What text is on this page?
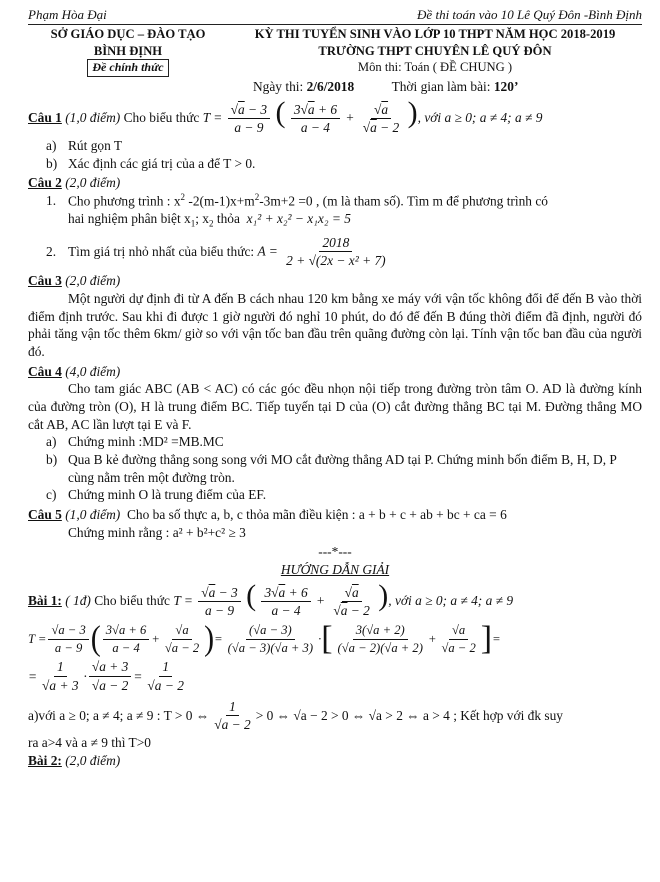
Phạm Hòa Đại	Đề thi toán vào 10 Lê Quý Đôn -Bình Định
SỞ GIÁO DỤC – ĐÀO TẠO
BÌNH ĐỊNH
Đề chính thức
KỲ THI TUYỂN SINH VÀO LỚP 10 THPT NĂM HỌC 2018-2019
TRƯỜNG THPT CHUYÊN LÊ QUÝ ĐÔN
Môn thi: Toán ( ĐỀ CHUNG )
Ngày thi: 2/6/2018	Thời gian làm bài: 120’
Câu 1
(1,0 điểm)
Cho biểu thức
$T = \frac{√a - 3}{a - 9}$ ( $\frac{3√a + 6}{a - 4} + \frac{√a}{√a - 2}$ ) , với a ≥ 0; a ≠ 4; a ≠ 9
a) Rút gọn T
b) Xác định các giá trị của a để T > 0.
Câu 2 (2,0 điểm)
1. Cho phương trình : $x^2$ $-2(m-1)x+m^2-3m+2 =0$ , (m là tham số). Tìm m để phương trình có
hai nghiệm phân biệt $x_1$; $x_2$ thỏa x₁² + x₂² − x₁x₂ = 5
2. Tìm giá trị nhỏ nhất của biểu thức:
$A = \frac{2018}{\text{2 + √(2x − x² + 7)}}$
Câu 3 (2,0 điểm)

Một người dự định đi từ A đến B cách nhau 120 km bằng xe máy với vận tốc không đổi để đến B vào thời điểm định trước. Sau khi đi được 1 giờ người đó nghỉ 10 phút, do đó để đến B đúng thời điểm đã định, người đó phải tăng vận tốc thêm 6km/ giờ so với vận tốc ban đầu trên quãng đường còn lại. Tính vận tốc ban đầu của người đó.

Câu 4 (4,0 điểm)

Cho tam giác ABC (AB < AC) có các góc đều nhọn nội tiếp trong đường tròn tâm O. AD là đường kính của đường tròn (O), H là trung điểm BC. Tiếp tuyến tại D của (O) cắt đường thẳng BC tại M. Đường thẳng MO cắt AB, AC lần lượt tại E và F.

a) Chứng minh :MD² =MB.MC
b) Qua B kẻ đường thẳng song song với MO cắt đường thẳng AD tại P. Chứng minh bốn điểm B, H, D, P cùng nằm trên một đường tròn.
c) Chứng minh O là trung điểm của EF.
Câu 5 (1,0 điểm) Cho ba số thực a, b, c thỏa mãn điều kiện : a + b + c + ab + bc + ca = 6
Chứng minh rằng : a² + b²+c² ≥ 3
---*---
HƯỚNG DẪN GIẢI
Bài 1:
( 1đ)
Cho biểu thức
$T = \frac{√a - 3}{a - 9}$ ( $\frac{3√a + 6}{a - 4} + \frac{√a}{√a - 2}$ ) , với a ≥ 0; a ≠ 4; a ≠ 9
$T = \frac{√a - 3}{a - 9}$ ( $\frac{3√a + 6}{a - 4} + \frac{√a}{√a - 2}$ ) = $\frac{(√a - 3)}{(√a - 3)(√a + 3)}$ · [ $\frac{3(√a + 2)}{(√a - 2)(√a + 2)} + \frac{√a}{√a - 2}$ ] =
= $\frac{1}{√a + 3} \cdot \frac{√a + 3}{√a - 2} = \frac{1}{√a - 2}$
a)với a ≥ 0; a ≠ 4; a ≠ 9 : T > 0 ⇔ $\frac{1}{√a - 2} > 0$ ⇔ √a − 2 > 0 ⇔ √a > 2 ⇔ a > 4 ; Kết hợp với đk suy
ra a>4 và a ≠ 9 thì T>0
Bài 2: (2,0 điểm)
